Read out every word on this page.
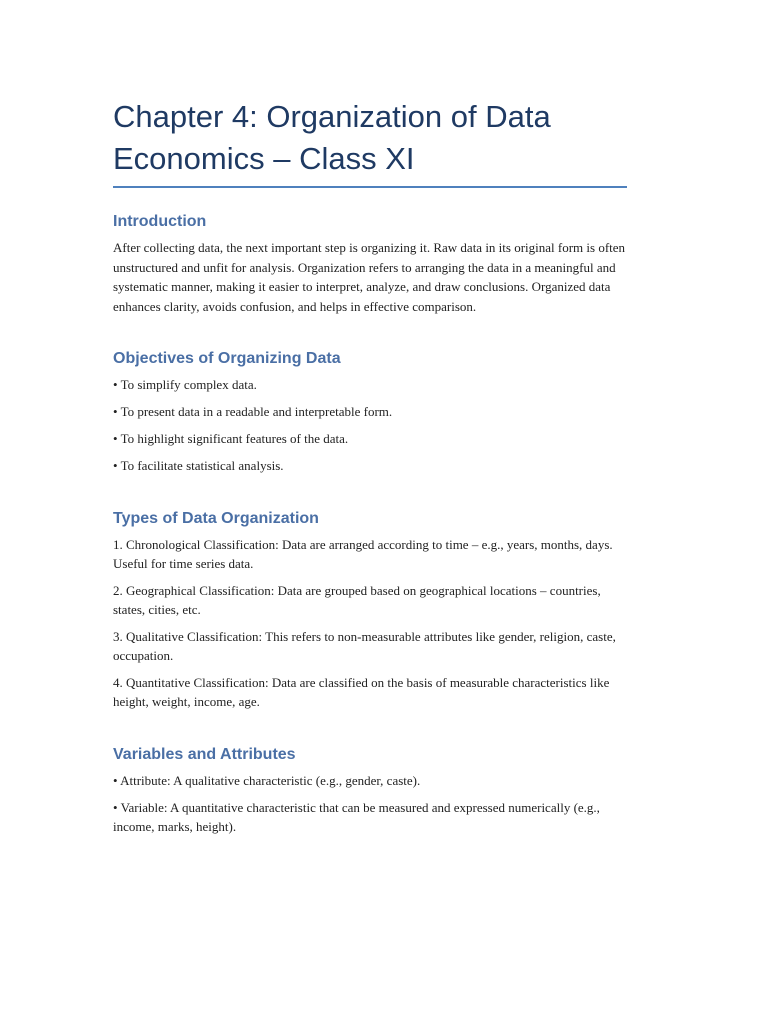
Chapter 4: Organization of Data
Economics – Class XI
Introduction

After collecting data, the next important step is organizing it. Raw data in its original form is often unstructured and unfit for analysis. Organization refers to arranging the data in a meaningful and systematic manner, making it easier to interpret, analyze, and draw conclusions. Organized data enhances clarity, avoids confusion, and helps in effective comparison.

Objectives of Organizing Data

• To simplify complex data.

• To present data in a readable and interpretable form.

• To highlight significant features of the data.

• To facilitate statistical analysis.

Types of Data Organization

1. Chronological Classification: Data are arranged according to time – e.g., years, months, days. Useful for time series data.

2. Geographical Classification: Data are grouped based on geographical locations – countries, states, cities, etc.

3. Qualitative Classification: This refers to non-measurable attributes like gender, religion, caste, occupation.

4. Quantitative Classification: Data are classified on the basis of measurable characteristics like height, weight, income, age.

Variables and Attributes

• Attribute: A qualitative characteristic (e.g., gender, caste).

• Variable: A quantitative characteristic that can be measured and expressed numerically (e.g., income, marks, height).
